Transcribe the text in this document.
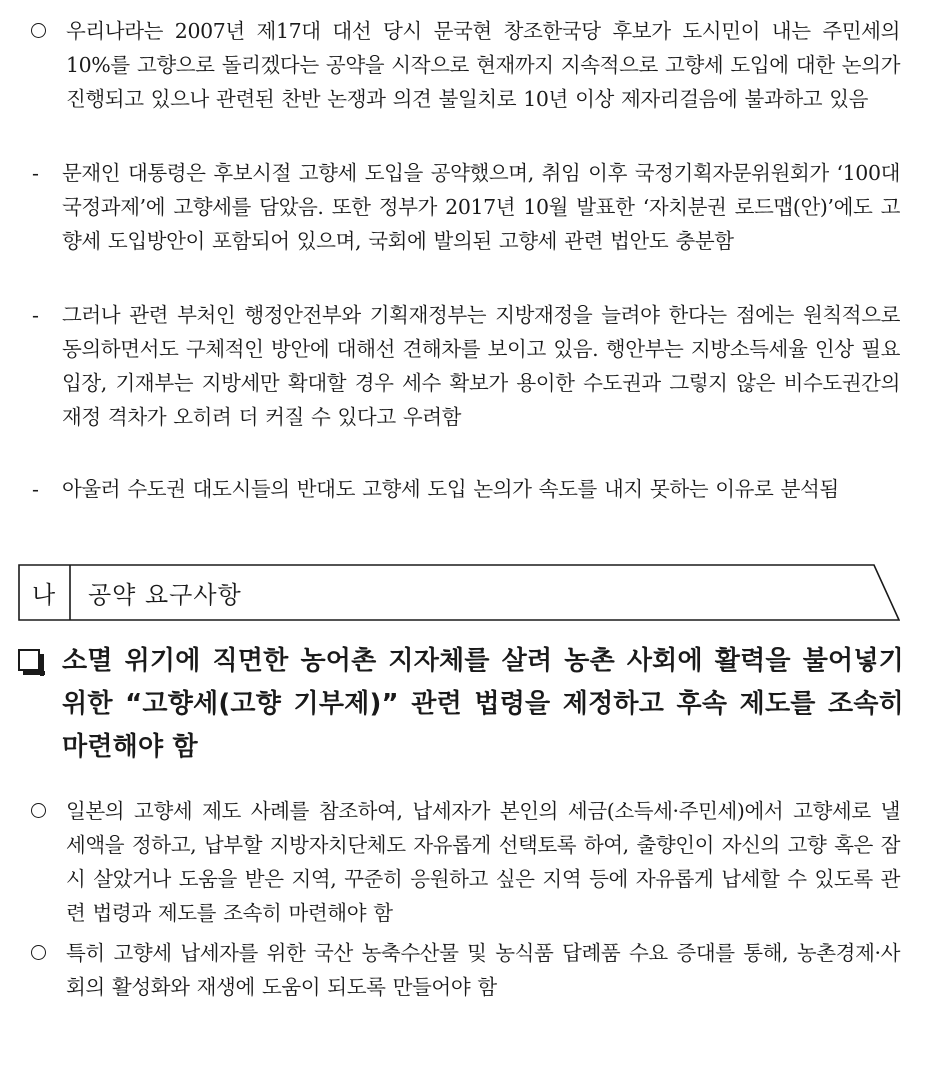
우리나라는 2007년 제17대 대선 당시 문국현 창조한국당 후보가 도시민이 내는 주민세의 10%를 고향으로 돌리겠다는 공약을 시작으로 현재까지 지속적으로 고향세 도입에 대한 논의가 진행되고 있으나 관련된 찬반 논쟁과 의견 불일치로 10년 이상 제자리걸음에 불과하고 있음
- 문재인 대통령은 후보시절 고향세 도입을 공약했으며, 취임 이후 국정기획자문위원회가 ‘100대 국정과제’에 고향세를 담았음. 또한 정부가 2017년 10월 발표한 ‘자치분권 로드맵(안)’에도 고향세 도입방안이 포함되어 있으며, 국회에 발의된 고향세 관련 법안도 충분함
- 그러나 관련 부처인 행정안전부와 기획재정부는 지방재정을 늘려야 한다는 점에는 원칙적으로 동의하면서도 구체적인 방안에 대해선 견해차를 보이고 있음. 행안부는 지방소득세율 인상 필요 입장, 기재부는 지방세만 확대할 경우 세수 확보가 용이한 수도권과 그렇지 않은 비수도권간의 재정 격차가 오히려 더 커질 수 있다고 우려함
- 아울러 수도권 대도시들의 반대도 고향세 도입 논의가 속도를 내지 못하는 이유로 분석됨
나 공약 요구사항
소멸 위기에 직면한 농어촌 지자체를 살려 농촌 사회에 활력을 불어넣기 위한 “고향세(고향 기부제)” 관련 법령을 제정하고 후속 제도를 조속히 마련해야 함
일본의 고향세 제도 사례를 참조하여, 납세자가 본인의 세금(소득세·주민세)에서 고향세로 낼 세액을 정하고, 납부할 지방자치단체도 자유롭게 선택토록 하여, 출향인이 자신의 고향 혹은 잠시 살았거나 도움을 받은 지역, 꾸준히 응원하고 싶은 지역 등에 자유롭게 납세할 수 있도록 관련 법령과 제도를 조속히 마련해야 함
특히 고향세 납세자를 위한 국산 농축수산물 및 농식품 답례품 수요 증대를 통해, 농촌경제·사회의 활성화와 재생에 도움이 되도록 만들어야 함
